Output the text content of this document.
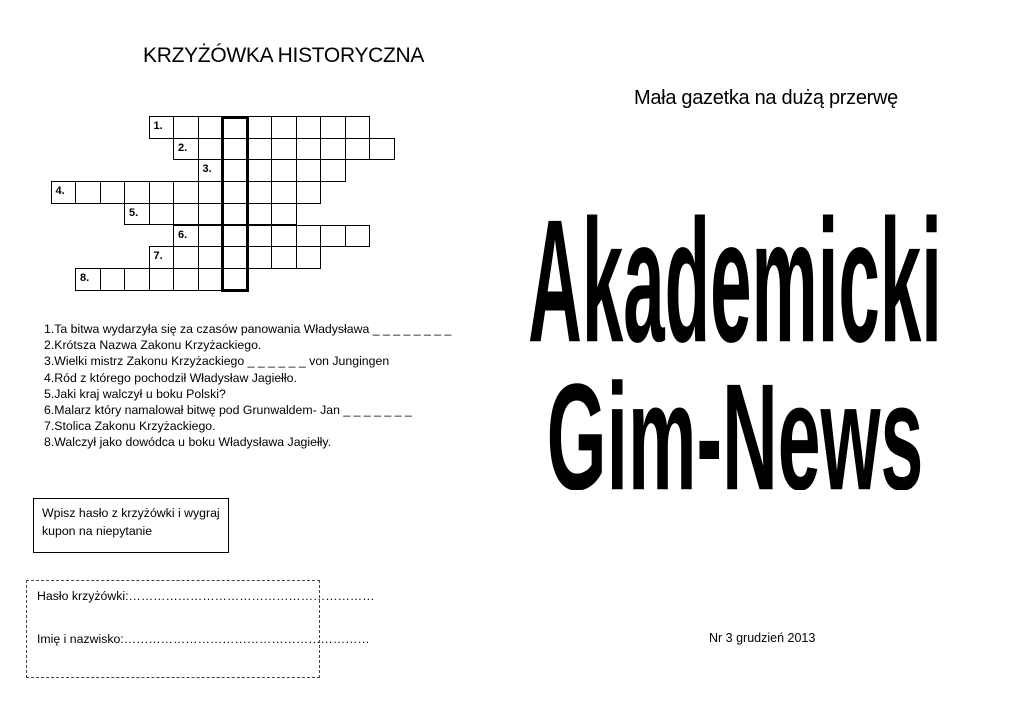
KRZYŻÓWKA HISTORYCZNA
Mała gazetka na dużą przerwę
1.
2.
3.
4.
5.
6.
7.
8.
1.Ta bitwa wydarzyła się za czasów panowania Władysława _ _ _ _ _ _ _ _
2.Krótsza Nazwa Zakonu Krzyżackiego.
3.Wielki mistrz Zakonu Krzyżackiego _ _ _ _ _ _ von Jungingen
4.Ród z którego pochodził Władysław Jagiełło.
5.Jaki kraj walczył u boku Polski?
6.Malarz który namalował bitwę pod Grunwaldem- Jan _ _ _ _ _ _ _
7.Stolica Zakonu Krzyżackiego.
8.Walczył jako dowódca u boku Władysława Jagiełły.
Wpisz hasło z krzyżówki i wygraj
kupon na niepytanie
Hasło krzyżówki:……………………………………………………
Imię i nazwisko:……………………………………………………
Akademicki
Gim-News
Nr 3 grudzień 2013
